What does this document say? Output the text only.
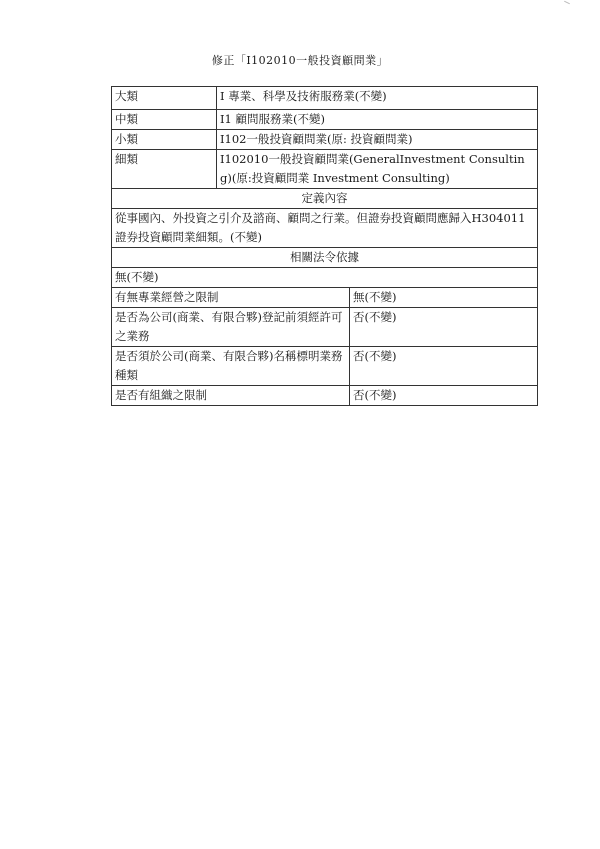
修正「I102010一般投資顧問業」
大類	I 專業、科學及技術服務業(不變)	
中類	I1 顧問服務業(不變)	
小類	I102一般投資顧問業(原: 投資顧問業)	
細類	I102010一般投資顧問業(GeneralInvestment Consulting)(原:投資顧問業 Investment Consulting)	
定義內容		
從事國內、外投資之引介及諮商、顧問之行業。但證券投資顧問應歸入H304011 證券投資顧問業細類。(不變)		
相關法令依據		
無(不變)		
有無專業經營之限制		無(不變)
是否為公司(商業、有限合夥)登記前須經許可之業務		否(不變)
是否須於公司(商業、有限合夥)名稱標明業務種類		否(不變)
是否有組織之限制		否(不變)
